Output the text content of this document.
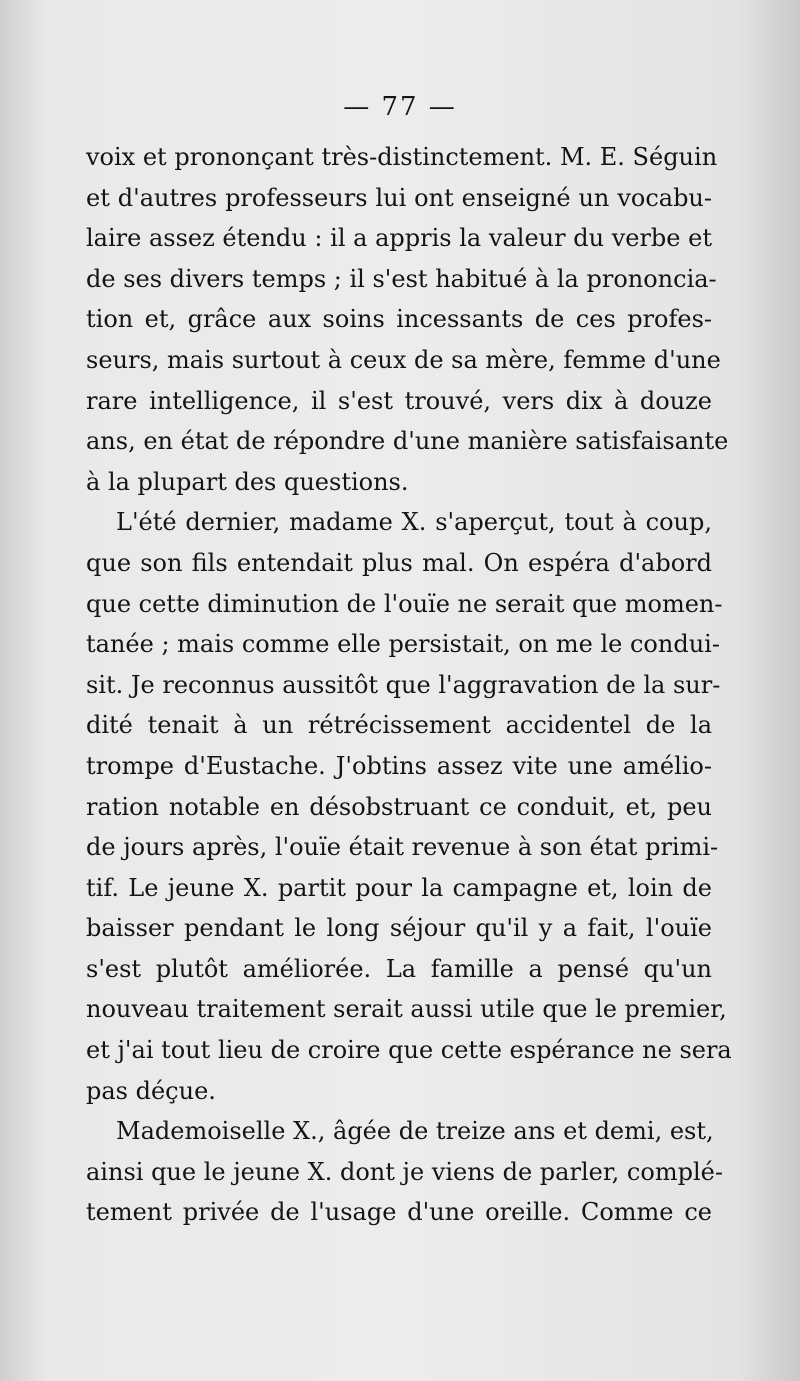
— 77 —
voix et prononçant très-distinctement. M. E. Séguin
et d'autres professeurs lui ont enseigné un vocabu-
laire assez étendu : il a appris la valeur du verbe et
de ses divers temps ; il s'est habitué à la prononcia-
tion et, grâce aux soins incessants de ces profes-
seurs, mais surtout à ceux de sa mère, femme d'une
rare intelligence, il s'est trouvé, vers dix à douze
ans, en état de répondre d'une manière satisfaisante
à la plupart des questions.
L'été dernier, madame X. s'aperçut, tout à coup,
que son fils entendait plus mal. On espéra d'abord
que cette diminution de l'ouïe ne serait que momen-
tanée ; mais comme elle persistait, on me le condui-
sit. Je reconnus aussitôt que l'aggravation de la sur-
dité tenait à un rétrécissement accidentel de la
trompe d'Eustache. J'obtins assez vite une amélio-
ration notable en désobstruant ce conduit, et, peu
de jours après, l'ouïe était revenue à son état primi-
tif. Le jeune X. partit pour la campagne et, loin de
baisser pendant le long séjour qu'il y a fait, l'ouïe
s'est plutôt améliorée. La famille a pensé qu'un
nouveau traitement serait aussi utile que le premier,
et j'ai tout lieu de croire que cette espérance ne sera
pas déçue.
Mademoiselle X., âgée de treize ans et demi, est,
ainsi que le jeune X. dont je viens de parler, complé-
tement privée de l'usage d'une oreille. Comme ce
